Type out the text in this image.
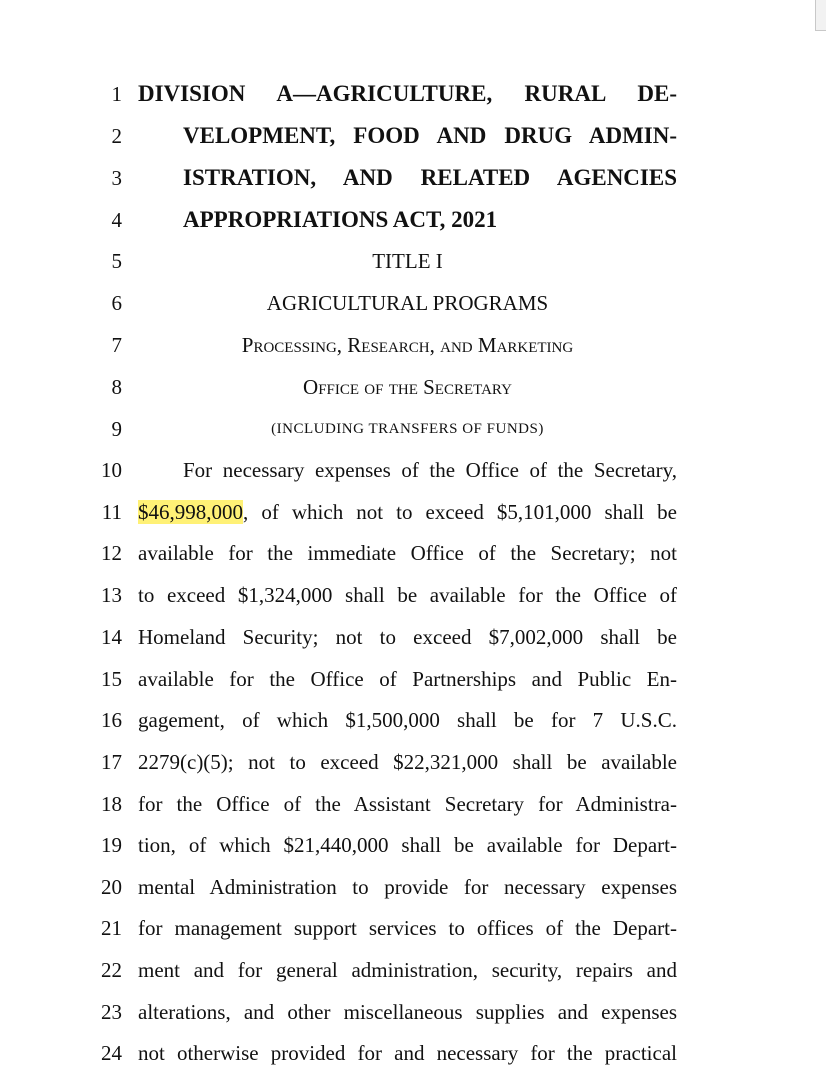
1 DIVISION A—AGRICULTURE, RURAL DE-
2	VELOPMENT, FOOD AND DRUG ADMIN-
3	ISTRATION, AND RELATED AGENCIES
4	APPROPRIATIONS ACT, 2021
5	TITLE I
6	AGRICULTURAL PROGRAMS
7	Processing, Research, and Marketing
8	Office of the Secretary
9	(INCLUDING TRANSFERS OF FUNDS)
10	For necessary expenses of the Office of the Secretary,
11 $46,998,000, of which not to exceed $5,101,000 shall be
12 available for the immediate Office of the Secretary; not
13 to exceed $1,324,000 shall be available for the Office of
14 Homeland Security; not to exceed $7,002,000 shall be
15 available for the Office of Partnerships and Public En-
16 gagement, of which $1,500,000 shall be for 7 U.S.C.
17 2279(c)(5); not to exceed $22,321,000 shall be available
18 for the Office of the Assistant Secretary for Administra-
19 tion, of which $21,440,000 shall be available for Depart-
20 mental Administration to provide for necessary expenses
21 for management support services to offices of the Depart-
22 ment and for general administration, security, repairs and
23 alterations, and other miscellaneous supplies and expenses
24 not otherwise provided for and necessary for the practical
